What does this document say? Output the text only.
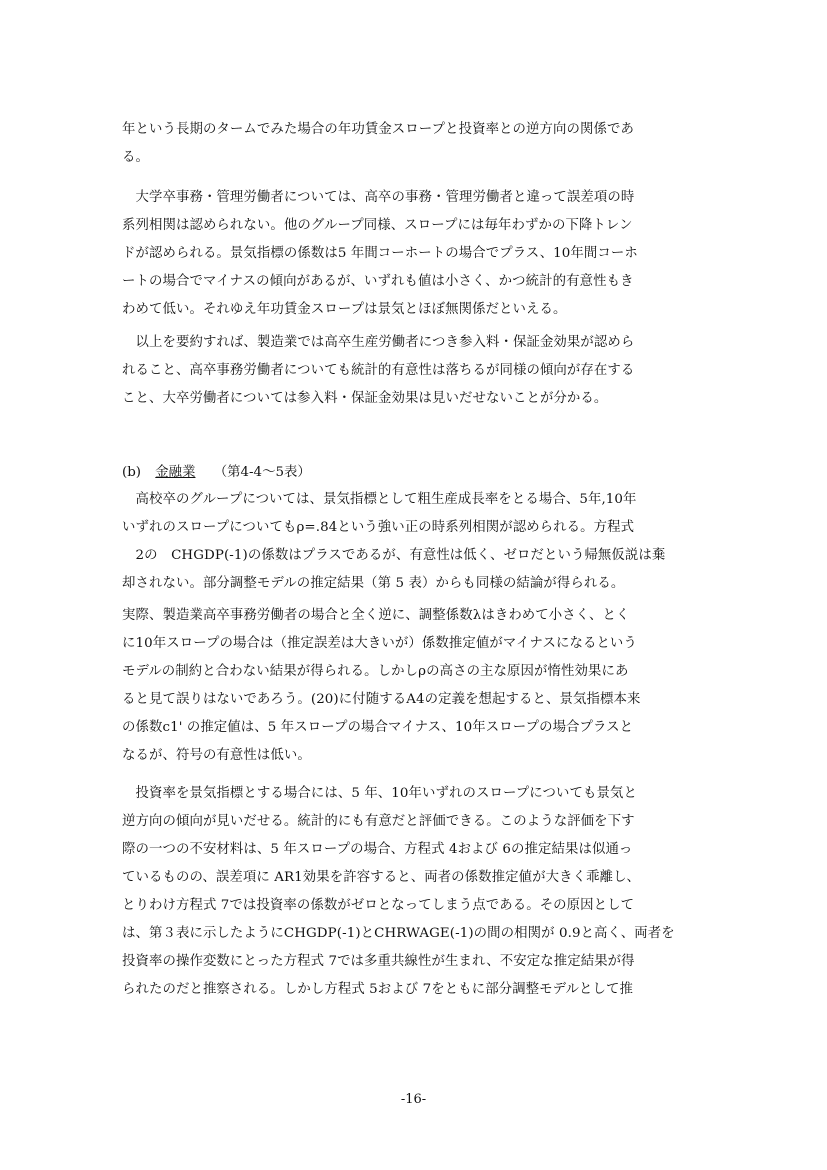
年という長期のタームでみた場合の年功賃金スロープと投資率との逆方向の関係であ
る。
　大学卒事務・管理労働者については、高卒の事務・管理労働者と違って誤差項の時
系列相関は認められない。他のグループ同様、スロープには毎年わずかの下降トレン
ドが認められる。景気指標の係数は5 年間コーホートの場合でプラス、10年間コーホ
ートの場合でマイナスの傾向があるが、いずれも値は小さく、かつ統計的有意性もき
わめて低い。それゆえ年功賃金スロープは景気とほぼ無関係だといえる。
　以上を要約すれば、製造業では高卒生産労働者につき参入料・保証金効果が認めら
れること、高卒事務労働者についても統計的有意性は落ちるが同様の傾向が存在する
こと、大卒労働者については参入料・保証金効果は見いだせないことが分かる。
(b) 金融業 （第4-4〜5表）
　高校卒のグループについては、景気指標として粗生産成長率をとる場合、5年,10年
いずれのスロープについてもρ=.84という強い正の時系列相関が認められる。方程式
　2の　CHGDP(-1)の係数はプラスであるが、有意性は低く、ゼロだという帰無仮説は棄
却されない。部分調整モデルの推定結果（第 5 表）からも同様の結論が得られる。
実際、製造業高卒事務労働者の場合と全く逆に、調整係数λはきわめて小さく、とく
に10年スロープの場合は（推定誤差は大きいが）係数推定値がマイナスになるという
モデルの制約と合わない結果が得られる。しかしρの高さの主な原因が惰性効果にあ
ると見て誤りはないであろう。(20)に付随するA4の定義を想起すると、景気指標本来
の係数c1' の推定値は、5 年スロープの場合マイナス、10年スロープの場合プラスと
なるが、符号の有意性は低い。
　投資率を景気指標とする場合には、5 年、10年いずれのスロープについても景気と
逆方向の傾向が見いだせる。統計的にも有意だと評価できる。このような評価を下す
際の一つの不安材料は、5 年スロープの場合、方程式 4および 6の推定結果は似通っ
ているものの、誤差項に AR1効果を許容すると、両者の係数推定値が大きく乖離し、
とりわけ方程式 7では投資率の係数がゼロとなってしまう点である。その原因として
は、第３表に示したようにCHGDP(-1)とCHRWAGE(-1)の間の相関が 0.9と高く、両者を
投資率の操作変数にとった方程式 7では多重共線性が生まれ、不安定な推定結果が得
られたのだと推察される。しかし方程式 5および 7をともに部分調整モデルとして推
-16-
